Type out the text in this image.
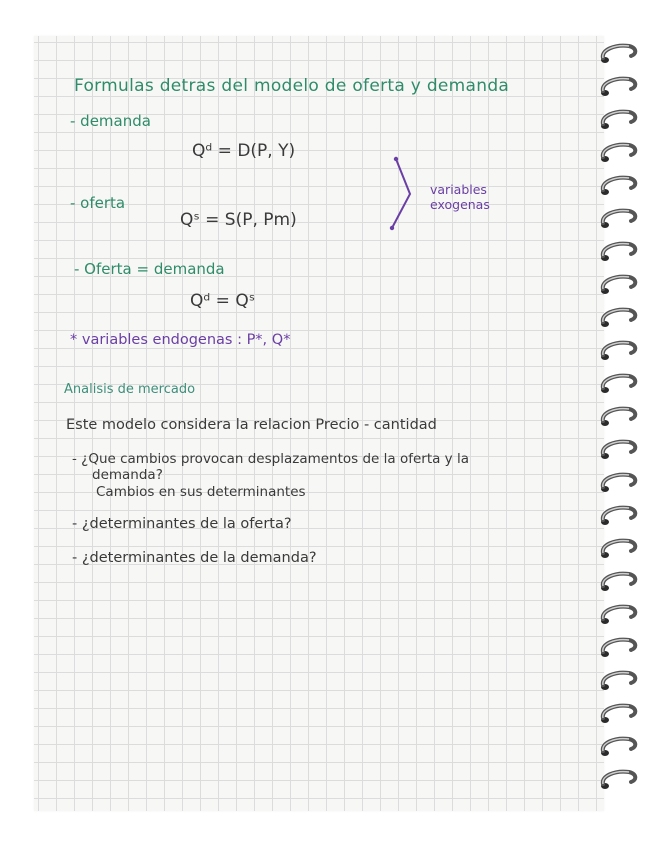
Formulas detras del modelo de oferta y demanda
- demanda
Qᵈ = D(P, Y)
- oferta
Qˢ = S(P, Pm)
variables
exogenas
- Oferta = demanda
Qᵈ = Qˢ
* variables endogenas : P*, Q*
Analisis de mercado
Este modelo considera la relacion Precio - cantidad
- ¿Que cambios provocan desplazamentos de la oferta y la
demanda?
Cambios en sus determinantes
- ¿determinantes de la oferta?
- ¿determinantes de la demanda?
